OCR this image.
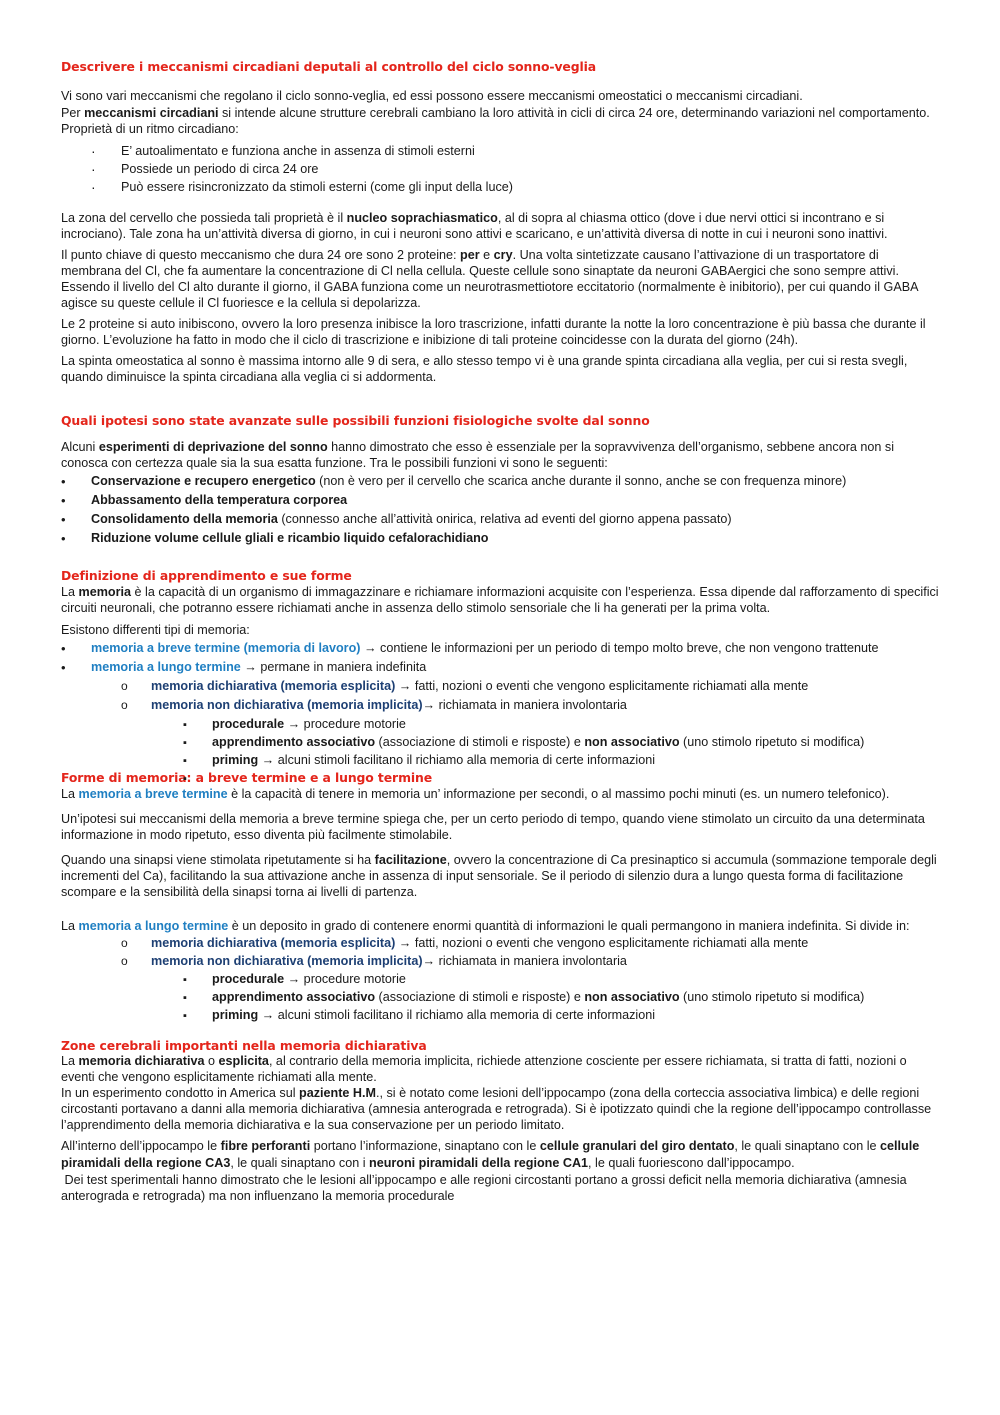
Descrivere i meccanismi circadiani deputali al controllo del ciclo sonno-veglia

Vi sono vari meccanismi che regolano il ciclo sonno-veglia, ed essi possono essere meccanismi omeostatici o meccanismi circadiani.

Per meccanismi circadiani si intende alcune strutture cerebrali cambiano la loro attività in cicli di circa 24 ore, determinando variazioni nel comportamento. Proprietà di un ritmo circadiano:

·
E’ autoalimentato e funziona anche in assenza di stimoli esterni
·
Possiede un periodo di circa 24 ore
·
Può essere risincronizzato da stimoli esterni (come gli input della luce)

La zona del cervello che possieda tali proprietà è il nucleo soprachiasmatico, al di sopra al chiasma ottico (dove i due nervi ottici si incontrano e si incrociano). Tale zona ha un’attività diversa di giorno, in cui i neuroni sono attivi e scaricano, e un’attività diversa di notte in cui i neuroni sono inattivi.

Il punto chiave di questo meccanismo che dura 24 ore sono 2 proteine: per e cry. Una volta sintetizzate causano l’attivazione di un trasportatore di membrana del Cl, che fa aumentare la concentrazione di Cl nella cellula. Queste cellule sono sinaptate da neuroni GABAergici che sono sempre attivi. Essendo il livello del Cl alto durante il giorno, il GABA funziona come un neurotrasmettiotore eccitatorio (normalmente è inibitorio), per cui quando il GABA agisce su queste cellule il Cl fuoriesce e la cellula si depolarizza.

Le 2 proteine si auto inibiscono, ovvero la loro presenza inibisce la loro trascrizione, infatti durante la notte la loro concentrazione è più bassa che durante il giorno. L’evoluzione ha fatto in modo che il ciclo di trascrizione e inibizione di tali proteine coincidesse con la durata del giorno (24h).

La spinta omeostatica al sonno è massima intorno alle 9 di sera, e allo stesso tempo vi è una grande spinta circadiana alla veglia, per cui si resta svegli, quando diminuisce la spinta circadiana alla veglia ci si addormenta.

Quali ipotesi sono state avanzate sulle possibili funzioni fisiologiche svolte dal sonno

Alcuni esperimenti di deprivazione del sonno hanno dimostrato che esso è essenziale per la sopravvivenza dell’organismo, sebbene ancora non si conosca con certezza quale sia la sua esatta funzione. Tra le possibili funzioni vi sono le seguenti:

•
Conservazione e recupero energetico (non è vero per il cervello che scarica anche durante il sonno, anche se con frequenza minore)
•
Abbassamento della temperatura corporea
•
Consolidamento della memoria (connesso anche all’attività onirica, relativa ad eventi del giorno appena passato)
•
Riduzione volume cellule gliali e ricambio liquido cefalorachidiano
Definizione di apprendimento e sue forme

La memoria è la capacità di un organismo di immagazzinare e richiamare informazioni acquisite con l’esperienza. Essa dipende dal rafforzamento di specifici circuiti neuronali, che potranno essere richiamati anche in assenza dello stimolo sensoriale che li ha generati per la prima volta.

Esistono differenti tipi di memoria:

•
memoria a breve termine (memoria di lavoro) → contiene le informazioni per un periodo di tempo molto breve, che non vengono trattenute
•
memoria a lungo termine → permane in maniera indefinita
o
memoria dichiarativa (memoria esplicita) → fatti, nozioni o eventi che vengono esplicitamente richiamati alla mente
o
memoria non dichiarativa (memoria implicita)→ richiamata in maniera involontaria
▪
procedurale → procedure motorie
▪
apprendimento associativo (associazione di stimoli e risposte) e non associativo (uno stimolo ripetuto si modifica)
▪
priming → alcuni stimoli facilitano il richiamo alla memoria di certe informazioni
▪
Forme di memoria: a breve termine e a lungo termine

La memoria a breve termine è la capacità di tenere in memoria un’ informazione per secondi, o al massimo pochi minuti (es. un numero telefonico).

Un’ipotesi sui meccanismi della memoria a breve termine spiega che, per un certo periodo di tempo, quando viene stimolato un circuito da una determinata informazione in modo ripetuto, esso diventa più facilmente stimolabile.

Quando una sinapsi viene stimolata ripetutamente si ha facilitazione, ovvero la concentrazione di Ca presinaptico si accumula (sommazione temporale degli incrementi del Ca), facilitando la sua attivazione anche in assenza di input sensoriale. Se il periodo di silenzio dura a lungo questa forma di facilitazione scompare e la sensibilità della sinapsi torna ai livelli di partenza.

La memoria a lungo termine è un deposito in grado di contenere enormi quantità di informazioni le quali permangono in maniera indefinita. Si divide in:

o
memoria dichiarativa (memoria esplicita) → fatti, nozioni o eventi che vengono esplicitamente richiamati alla mente
o
memoria non dichiarativa (memoria implicita)→ richiamata in maniera involontaria
▪
procedurale → procedure motorie
▪
apprendimento associativo (associazione di stimoli e risposte) e non associativo (uno stimolo ripetuto si modifica)
▪
priming → alcuni stimoli facilitano il richiamo alla memoria di certe informazioni
Zone cerebrali importanti nella memoria dichiarativa

La memoria dichiarativa o esplicita, al contrario della memoria implicita, richiede attenzione cosciente per essere richiamata, si tratta di fatti, nozioni o eventi che vengono esplicitamente richiamati alla mente.

In un esperimento condotto in America sul paziente H.M., si è notato come lesioni dell’ippocampo (zona della corteccia associativa limbica) e delle regioni circostanti portavano a danni alla memoria dichiarativa (amnesia anterograda e retrograda). Si è ipotizzato quindi che la regione dell’ippocampo controllasse l’apprendimento della memoria dichiarativa e la sua conservazione per un periodo limitato.

All’interno dell’ippocampo le fibre perforanti portano l’informazione, sinaptano con le cellule granulari del giro dentato, le quali sinaptano con le cellule piramidali della regione CA3, le quali sinaptano con i neuroni piramidali della regione CA1, le quali fuoriescono dall’ippocampo.

Dei test sperimentali hanno dimostrato che le lesioni all’ippocampo e alle regioni circostanti portano a grossi deficit nella memoria dichiarativa (amnesia anterograda e retrograda) ma non influenzano la memoria procedurale
